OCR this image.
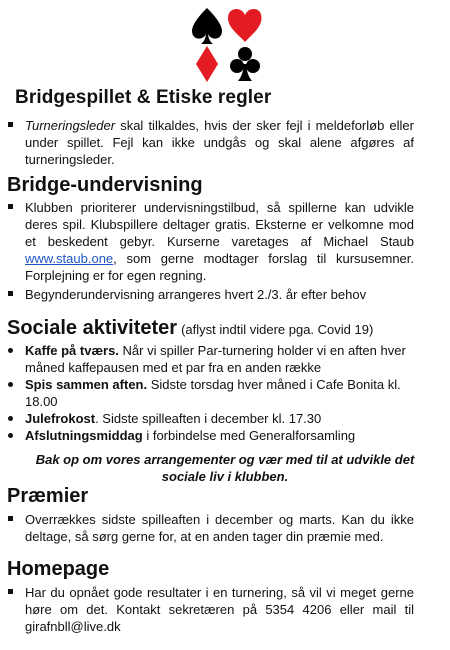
Bridgespillet & Etiske regler
Turneringsleder skal tilkaldes, hvis der sker fejl i meldeforløb eller under spillet. Fejl kan ikke undgås og skal alene afgøres af turneringsleder.
Bridge-undervisning
Klubben prioriterer undervisningstilbud, så spillerne kan udvikle deres spil. Klubspillere deltager gratis. Eksterne er velkomne mod et beskedent gebyr. Kurserne varetages af Michael Staub www.staub.one, som gerne modtager forslag til kursusemner. Forplejning er for egen regning.
Begynderundervisning arrangeres hvert 2./3. år efter behov
Sociale aktiviteter (aflyst indtil videre pga. Covid 19)
Kaffe på tværs. Når vi spiller Par-turnering holder vi en aften hver måned kaffepausen med et par fra en anden række
Spis sammen aften. Sidste torsdag hver måned i Cafe Bonita kl. 18.00
Julefrokost. Sidste spilleaften i december kl. 17.30
Afslutningsmiddag i forbindelse med Generalforsamling
Bak op om vores arrangementer og vær med til at udvikle det sociale liv i klubben.
Præmier
Overrækkes sidste spilleaften i december og marts. Kan du ikke deltage, så sørg gerne for, at en anden tager din præmie med.
Homepage
Har du opnået gode resultater i en turnering, så vil vi meget gerne høre om det. Kontakt sekretæren på 5354 4206 eller mail til girafnbll@live.dk
